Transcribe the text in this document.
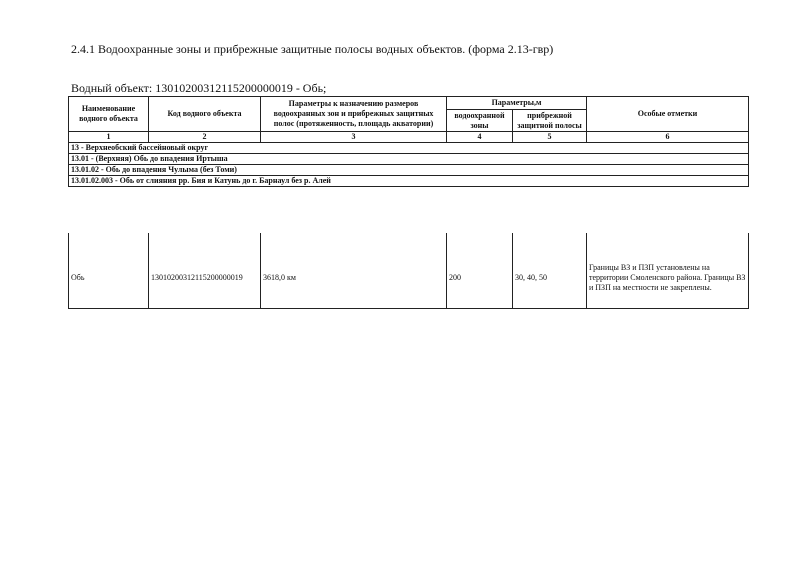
2.4.1 Водоохранные зоны и прибрежные защитные полосы водных объектов. (форма 2.13-гвр)
Водный объект: 13010200312115200000019 - Обь;
Наименование водного объекта	Код водного объекта	Параметры к назначению размеров водоохранных зон и прибрежных защитных полос (протяженность, площадь акватории)	Параметры,м		Особые отметки
			водоохранной зоны	прибрежной защитной полосы	
1	2	3	4	5	6
13 - Верхнеобский бассейновый округ					
13.01 - (Верхняя) Обь до впадения Иртыша					
13.01.02 - Обь до впадения Чулыма (без Томи)					
13.01.02.003 - Обь от слияния рр. Бия и Катунь до г. Барнаул без р. Алей					

Обь	13010200312115200000019	3618,0 км	200	30, 40, 50	Границы ВЗ и ПЗП установлены на территории Смоленского района. Границы ВЗ и ПЗП на местности не закреплены.
